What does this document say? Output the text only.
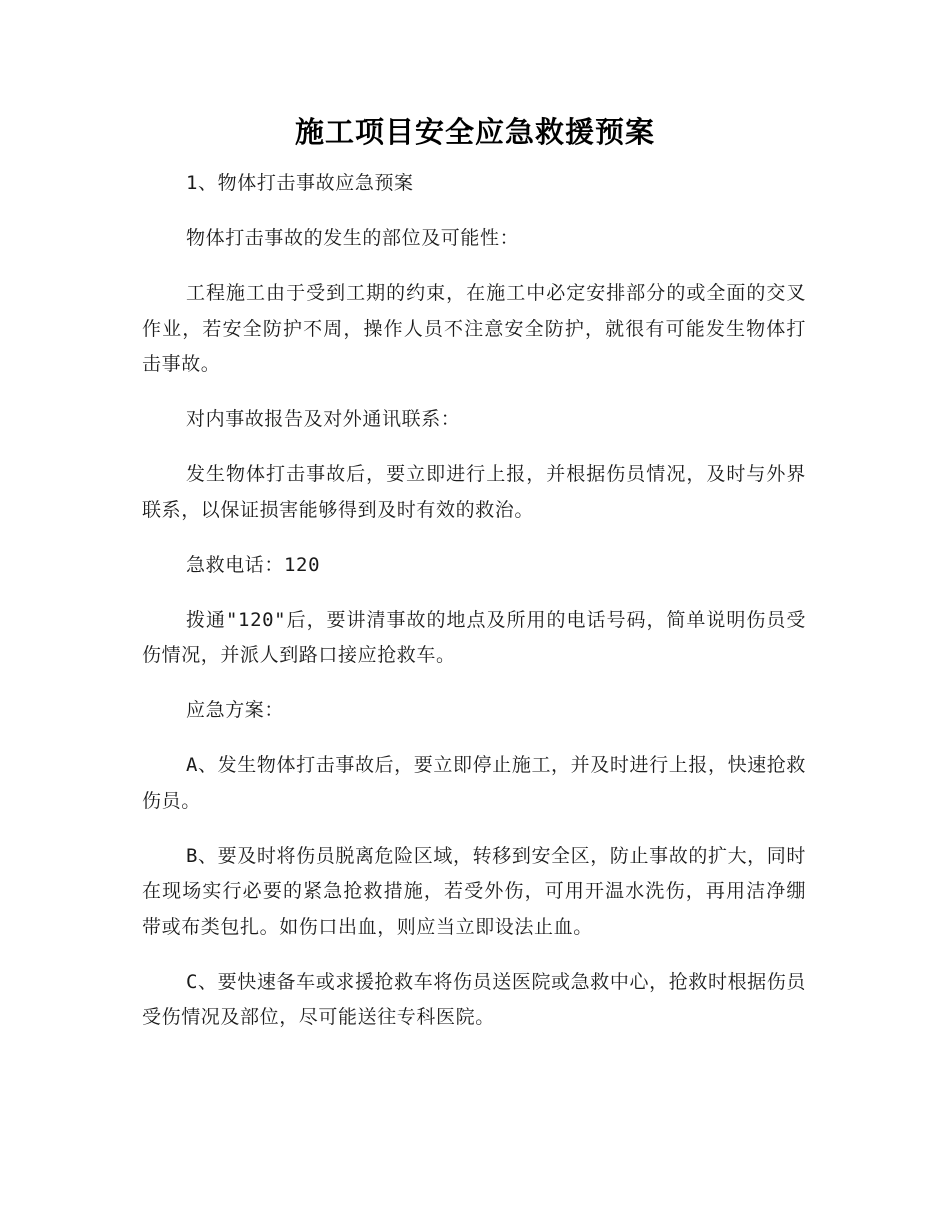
施工项目安全应急救援预案

1、物体打击事故应急预案

物体打击事故的发生的部位及可能性：

工程施工由于受到工期的约束，在施工中必定安排部分的或全面的交叉作业，若安全防护不周，操作人员不注意安全防护，就很有可能发生物体打击事故。

对内事故报告及对外通讯联系：

发生物体打击事故后，要立即进行上报，并根据伤员情况，及时与外界联系，以保证损害能够得到及时有效的救治。

急救电话：120

拨通"120"后，要讲清事故的地点及所用的电话号码，简单说明伤员受伤情况，并派人到路口接应抢救车。

应急方案：

A、发生物体打击事故后，要立即停止施工，并及时进行上报，快速抢救伤员。

B、要及时将伤员脱离危险区域，转移到安全区，防止事故的扩大，同时在现场实行必要的紧急抢救措施，若受外伤，可用开温水洗伤，再用洁净绷带或布类包扎。如伤口出血，则应当立即设法止血。

C、要快速备车或求援抢救车将伤员送医院或急救中心，抢救时根据伤员受伤情况及部位，尽可能送往专科医院。
